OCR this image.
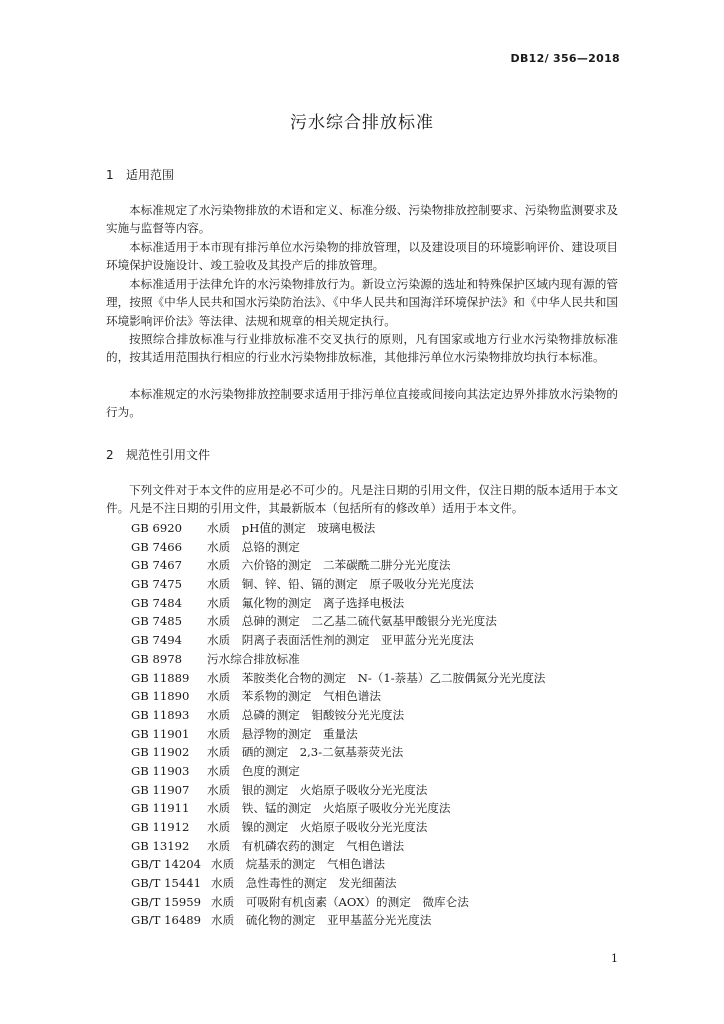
DB12/ 356—2018
污水综合排放标准
1 适用范围

本标准规定了水污染物排放的术语和定义、标准分级、污染物排放控制要求、污染物监测要求及实施与监督等内容。

本标准适用于本市现有排污单位水污染物的排放管理，以及建设项目的环境影响评价、建设项目环境保护设施设计、竣工验收及其投产后的排放管理。

本标准适用于法律允许的水污染物排放行为。新设立污染源的选址和特殊保护区域内现有源的管理，按照《中华人民共和国水污染防治法》、《中华人民共和国海洋环境保护法》和《中华人民共和国环境影响评价法》等法律、法规和规章的相关规定执行。

按照综合排放标准与行业排放标准不交叉执行的原则，凡有国家或地方行业水污染物排放标准的，按其适用范围执行相应的行业水污染物排放标准，其他排污单位水污染物排放均执行本标准。

本标准规定的水污染物排放控制要求适用于排污单位直接或间接向其法定边界外排放水污染物的行为。

2 规范性引用文件

下列文件对于本文件的应用是必不可少的。凡是注日期的引用文件，仅注日期的版本适用于本文件。凡是不注日期的引用文件，其最新版本（包括所有的修改单）适用于本文件。

GB 6920 水质　pH值的测定　玻璃电极法
GB 7466 水质　总铬的测定
GB 7467 水质　六价铬的测定　二苯碳酰二肼分光光度法
GB 7475 水质　铜、锌、铅、镉的测定　原子吸收分光光度法
GB 7484 水质　氟化物的测定　离子选择电极法
GB 7485 水质　总砷的测定　二乙基二硫代氨基甲酸银分光光度法
GB 7494 水质　阴离子表面活性剂的测定　亚甲蓝分光光度法
GB 8978 污水综合排放标准
GB 11889 水质　苯胺类化合物的测定　N-（1-萘基）乙二胺偶氮分光光度法
GB 11890 水质　苯系物的测定　气相色谱法
GB 11893 水质　总磷的测定　钼酸铵分光光度法
GB 11901 水质　悬浮物的测定　重量法
GB 11902 水质　硒的测定　2,3-二氨基萘荧光法
GB 11903 水质　色度的测定
GB 11907 水质　银的测定　火焰原子吸收分光光度法
GB 11911 水质　铁、锰的测定　火焰原子吸收分光光度法
GB 11912 水质　镍的测定　火焰原子吸收分光光度法
GB 13192 水质　有机磷农药的测定　气相色谱法
GB/T 14204 水质　烷基汞的测定　气相色谱法
GB/T 15441 水质　急性毒性的测定　发光细菌法
GB/T 15959 水质　可吸附有机卤素（AOX）的测定　微库仑法
GB/T 16489 水质　硫化物的测定　亚甲基蓝分光光度法
1
